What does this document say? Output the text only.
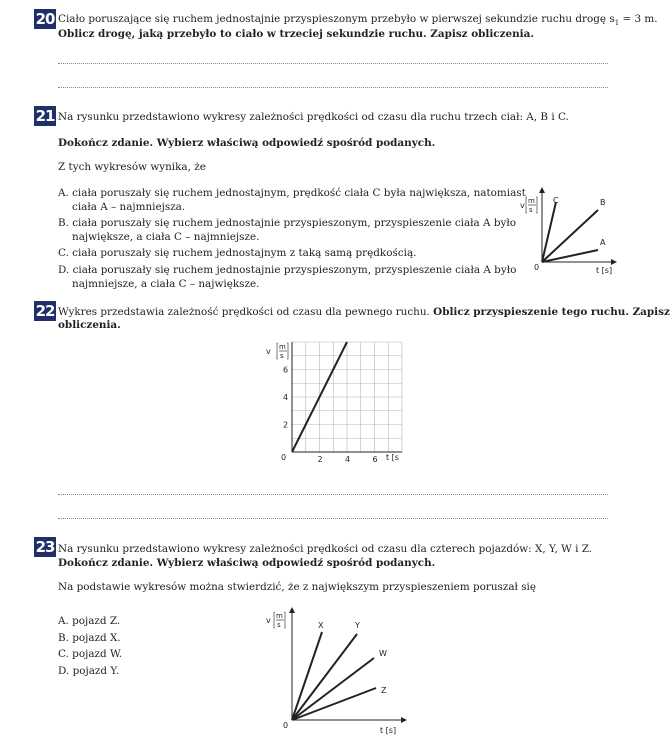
20 Ciało poruszające się ruchem jednostajnie przyspieszonym przebyło w pierwszej sekundzie ruchu drogę $s_1 = 3$ m.
Oblicz drogę, jaką przebyło to ciało w trzeciej sekundzie ruchu. Zapisz obliczenia.
21 Na rysunku przedstawiono wykresy zależności prędkości od czasu dla ruchu trzech ciał: A, B i C.
Dokończ zdanie. Wybierz właściwą odpowiedź spośród podanych.
Z tych wykresów wynika, że
A. ciała poruszały się ruchem jednostajnym, prędkość ciała C była największa, natomiast
ciała A – najmniejsza.
B. ciała poruszały się ruchem jednostajnie przyspieszonym, przyspieszenie ciała A było
największe, a ciała C – najmniejsze.
C. ciała poruszały się ruchem jednostajnym z taką samą prędkością.
D. ciała poruszały się ruchem jednostajnie przyspieszonym, przyspieszenie ciała A było
najmniejsze, a ciała C – największe.
v m
s
0	t [s]
C	B
A
22 Wykres przedstawia zależność prędkości od czasu dla pewnego ruchu. Oblicz przyspieszenie tego ruchu. Zapisz
obliczenia.
2
4
6
2	4	6
v m
s
0	t [s
23 Na rysunku przedstawiono wykresy zależności prędkości od czasu dla czterech pojazdów: X, Y, W i Z.
Dokończ zdanie. Wybierz właściwą odpowiedź spośród podanych.
Na podstawie wykresów można stwierdzić, że z największym przyspieszeniem poruszał się
A. pojazd Z.
B. pojazd X.
C. pojazd W.
D. pojazd Y.
v m
s
0
t [s]
X	Y
W
Z
